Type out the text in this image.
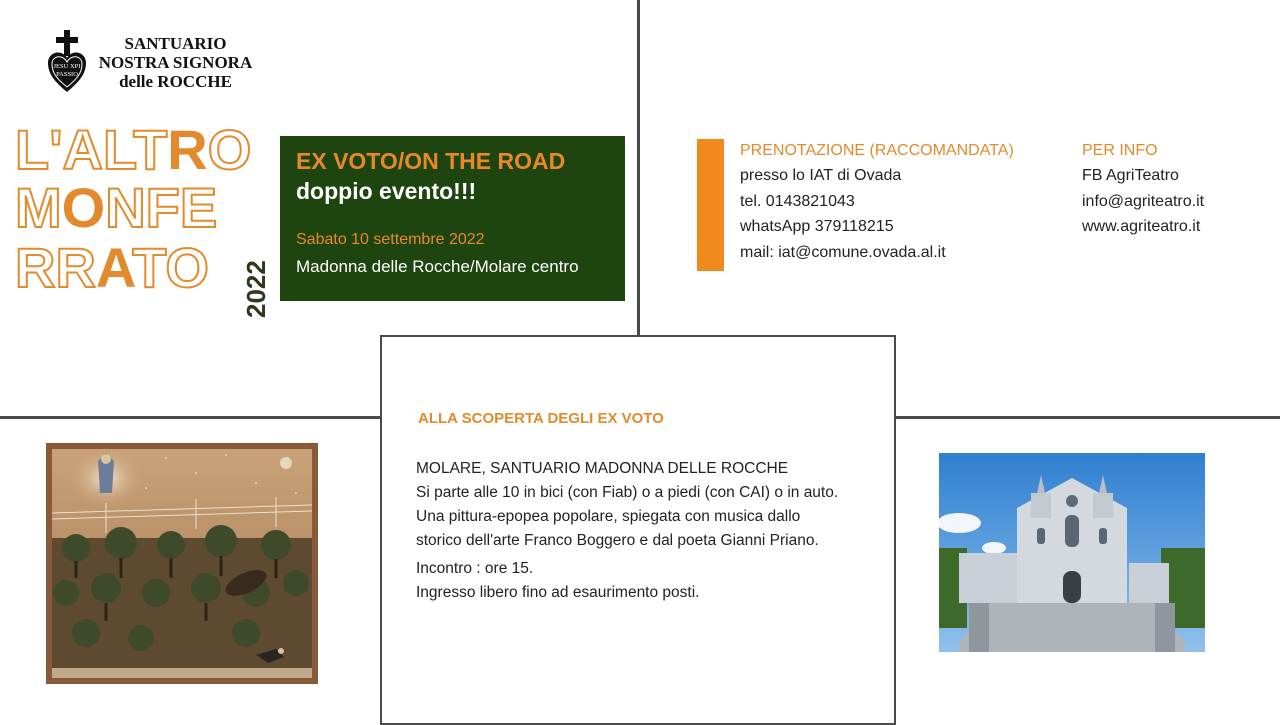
JESU XPI
PASSIO
SANTUARIO
NOSTRA SIGNORA
delle ROCCHE
L'ALTRO
MONFE
RRATO 2022
EX VOTO/ON THE ROAD
doppio evento!!!
Sabato 10 settembre 2022
Madonna delle Rocche/Molare centro
PRENOTAZIONE (RACCOMANDATA)
presso lo IAT di Ovada
tel. 0143821043
whatsApp 379118215
mail: iat@comune.ovada.al.it
PER INFO
FB AgriTeatro
info@agriteatro.it
www.agriteatro.it
ALLA SCOPERTA DEGLI EX VOTO
MOLARE, SANTUARIO MADONNA DELLE ROCCHE
Si parte alle 10 in bici (con Fiab) o a piedi (con CAI) o in auto.
Una pittura-epopea popolare, spiegata con musica dallo
storico dell'arte Franco Boggero e dal poeta Gianni Priano.
Incontro : ore 15.
Ingresso libero fino ad esaurimento posti.
